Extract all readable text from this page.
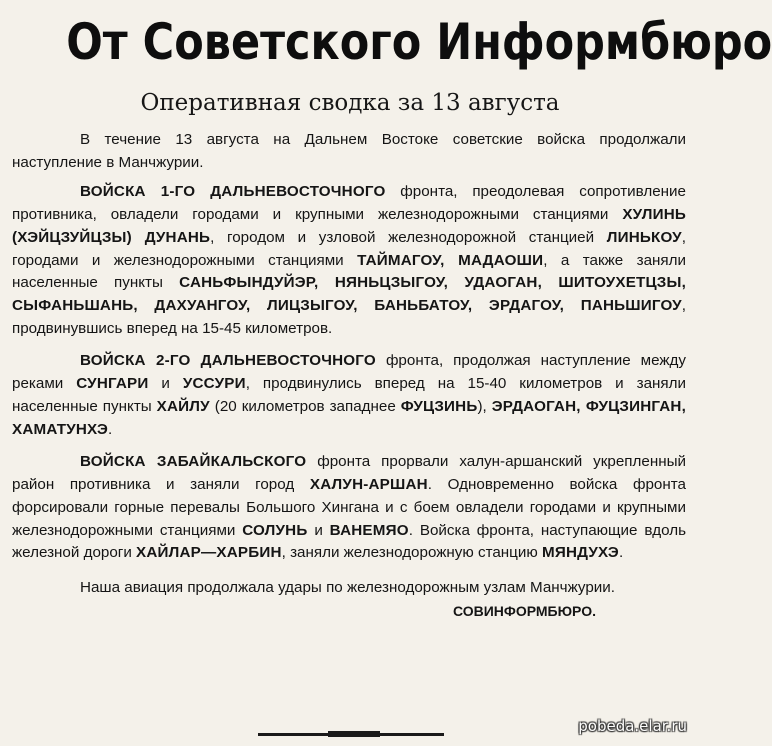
От Советского Информбюро
Оперативная сводка за 13 августа

В течение 13 августа на Дальнем Востоке советские войска продолжали наступление в Манчжурии.

ВОЙСКА 1-ГО ДАЛЬНЕВОСТОЧНОГО фронта, преодолевая сопротивление противника, овладели городами и крупными железнодорожными станциями ХУЛИНЬ (ХЭЙЦЗУЙЦЗЫ) ДУНАНЬ, городом и узловой железнодорожной станцией ЛИНЬКОУ, городами и железнодорожными станциями ТАЙМАГОУ, МАДАОШИ, а также заняли населенные пункты САНЬФЫНДУЙЭР, НЯНЬЦЗЫГОУ, УДАОГАН, ШИТОУХЕТЦЗЫ, СЫФАНЬШАНЬ, ДАХУАНГОУ, ЛИЦЗЫГОУ, БАНЬБАТОУ, ЭРДАГОУ, ПАНЬШИГОУ, продвинувшись вперед на 15-45 километров.

ВОЙСКА 2-ГО ДАЛЬНЕВОСТОЧНОГО фронта, продолжая наступление между реками СУНГАРИ и УССУРИ, продвинулись вперед на 15-40 километров и заняли населенные пункты ХАЙЛУ (20 километров западнее ФУЦЗИНЬ), ЭРДАОГАН, ФУЦЗИНГАН, ХАМАТУНХЭ.

ВОЙСКА ЗАБАЙКАЛЬСКОГО фронта прорвали халун-аршанский укрепленный район противника и заняли город ХАЛУН-АРШАН. Одновременно войска фронта форсировали горные перевалы Большого Хингана и с боем овладели городами и крупными железнодорожными станциями СОЛУНЬ и ВАНЕМЯО. Войска фронта, наступающие вдоль железной дороги ХАЙЛАР—ХАРБИН, заняли железнодорожную станцию МЯНДУХЭ.

Наша авиация продолжала удары по железнодорожным узлам Манчжурии.
СОВИНФОРМБЮРО.

pobeda.elar.ru
